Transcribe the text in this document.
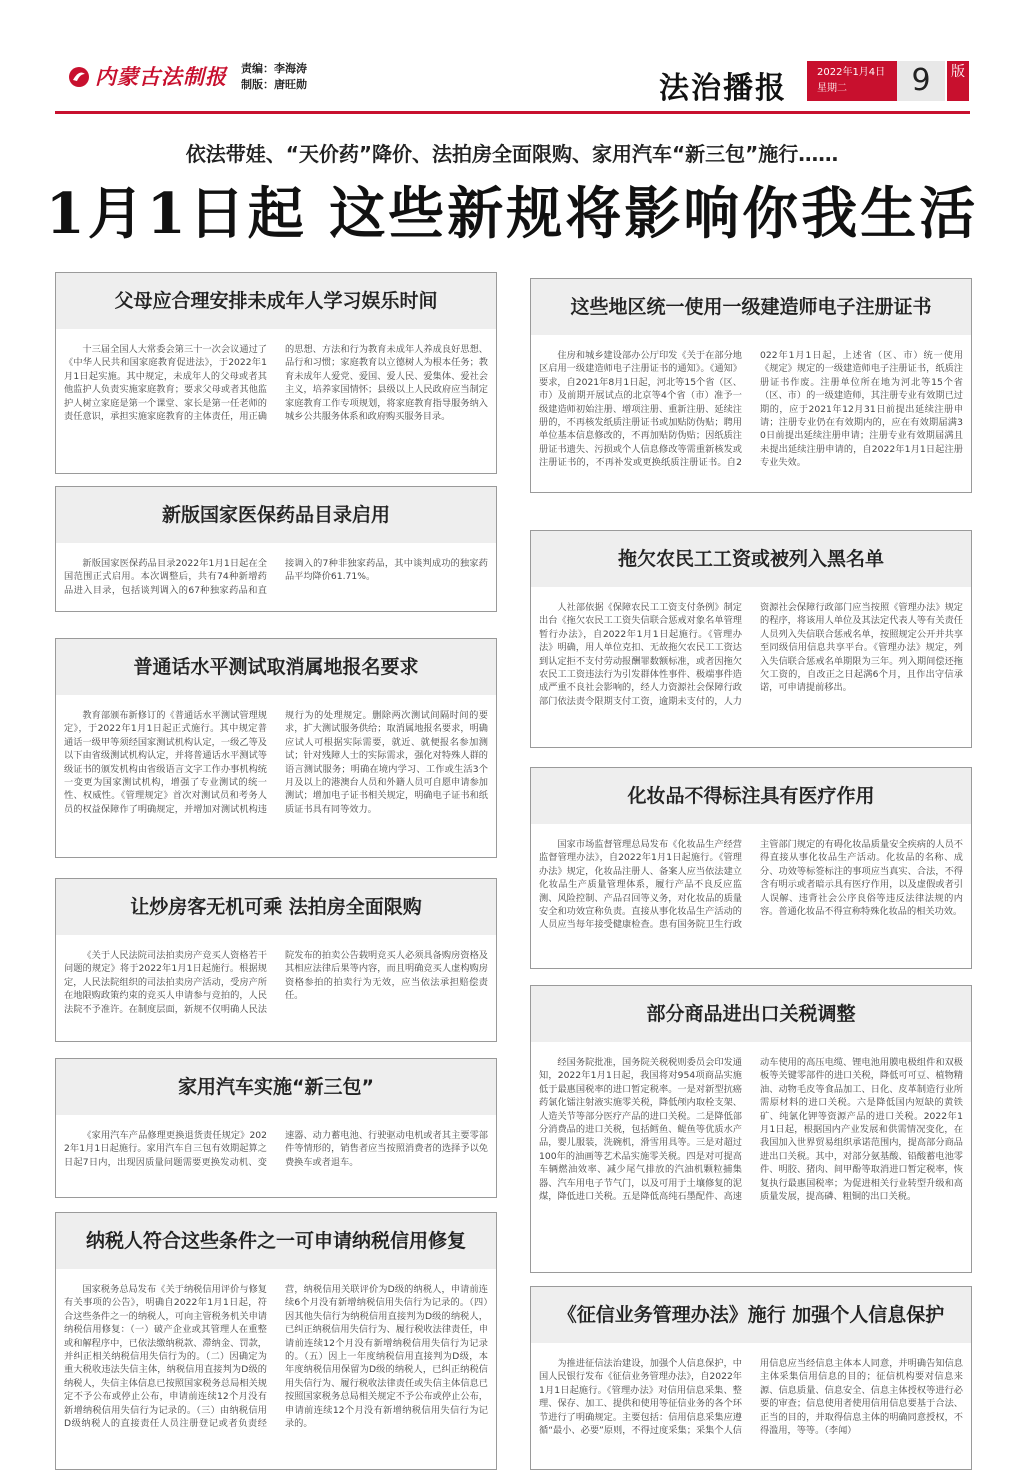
内蒙古法制报 责编：李海涛
制版：唐旺勋	法治播报	2022年1月4日
星期二	9	版
依法带娃、“天价药”降价、法拍房全面限购、家用汽车“新三包”施行……
1月1日起 这些新规将影响你我生活
父母应合理安排未成年人学习娱乐时间
十三届全国人大常委会第三十一次会议通过了《中华人民共和国家庭教育促进法》，于2022年1月1日起实施。其中规定，未成年人的父母或者其他监护人负责实施家庭教育；要求父母或者其他监护人树立家庭是第一个课堂、家长是第一任老师的责任意识，承担实施家庭教育的主体责任，用正确的思想、方法和行为教育未成年人养成良好思想、品行和习惯；家庭教育以立德树人为根本任务；教育未成年人爱党、爱国、爱人民、爱集体、爱社会主义，培养家国情怀；县级以上人民政府应当制定家庭教育工作专项规划，将家庭教育指导服务纳入城乡公共服务体系和政府购买服务目录。
新版国家医保药品目录启用
新版国家医保药品目录2022年1月1日起在全国范围正式启用。本次调整后，共有74种新增药品进入目录，包括谈判调入的67种独家药品和直接调入的7种非独家药品，其中谈判成功的独家药品平均降价61.71%。
普通话水平测试取消属地报名要求
教育部颁布新修订的《普通话水平测试管理规定》，于2022年1月1日起正式施行。其中规定普通话一级甲等须经国家测试机构认定，一级乙等及以下由省级测试机构认定，并将普通话水平测试等级证书的颁发机构由省级语言文字工作办事机构统一变更为国家测试机构，增强了专业测试的统一性、权威性。《管理规定》首次对测试员和考务人员的权益保障作了明确规定，并增加对测试机构违规行为的处理规定。删除两次测试间隔时间的要求，扩大测试服务供给；取消属地报名要求，明确应试人可根据实际需要，就近、就便报名参加测试；针对残障人士的实际需求，强化对特殊人群的语言测试服务；明确在境内学习、工作或生活3个月及以上的港澳台人员和外籍人员可自愿申请参加测试；增加电子证书相关规定，明确电子证书和纸质证书具有同等效力。
让炒房客无机可乘 法拍房全面限购
《关于人民法院司法拍卖房产竞买人资格若干问题的规定》将于2022年1月1日起施行。根据规定，人民法院组织的司法拍卖房产活动，受房产所在地限购政策约束的竞买人申请参与竞拍的，人民法院不予准许。在制度层面，新规不仅明确人民法院发布的拍卖公告载明竞买人必须具备购房资格及其相应法律后果等内容，而且明确竞买人虚构购房资格参拍的拍卖行为无效，应当依法承担赔偿责任。
家用汽车实施“新三包”
《家用汽车产品修理更换退货责任规定》2022年1月1日起施行。家用汽车自三包有效期起算之日起7日内，出现因质量问题需要更换发动机、变速器、动力蓄电池、行驶驱动电机或者其主要零部件等情形的，销售者应当按照消费者的选择予以免费换车或者退车。
纳税人符合这些条件之一可申请纳税信用修复
国家税务总局发布《关于纳税信用评价与修复有关事项的公告》，明确自2022年1月1日起，符合这些条件之一的纳税人，可向主管税务机关申请纳税信用修复：（一）破产企业或其管理人在重整或和解程序中，已依法缴纳税款、滞纳金、罚款，并纠正相关纳税信用失信行为的。（二）因确定为重大税收违法失信主体，纳税信用直接判为D级的纳税人，失信主体信息已按照国家税务总局相关规定不予公布或停止公布，申请前连续12个月没有新增纳税信用失信行为记录的。（三）由纳税信用D级纳税人的直接责任人员注册登记或者负责经营，纳税信用关联评价为D级的纳税人，申请前连续6个月没有新增纳税信用失信行为记录的。（四）因其他失信行为纳税信用直接判为D级的纳税人，已纠正纳税信用失信行为、履行税收法律责任，申请前连续12个月没有新增纳税信用失信行为记录的。（五）因上一年度纳税信用直接判为D级，本年度纳税信用保留为D级的纳税人，已纠正纳税信用失信行为、履行税收法律责任或失信主体信息已按照国家税务总局相关规定不予公布或停止公布，申请前连续12个月没有新增纳税信用失信行为记录的。
这些地区统一使用一级建造师电子注册证书
住房和城乡建设部办公厅印发《关于在部分地区启用一级建造师电子注册证书的通知》。《通知》要求，自2021年8月1日起，河北等15个省（区、市）及前期开展试点的北京等4个省（市）准予一级建造师初始注册、增项注册、重新注册、延续注册的，不再核发纸质注册证书或加贴防伪贴；聘用单位基本信息修改的，不再加贴防伪贴；因纸质注册证书遗失、污损或个人信息修改等需重新核发或注册证书的，不再补发或更换纸质注册证书。自2022年1月1日起，上述省（区、市）统一使用《规定》规定的一级建造师电子注册证书，纸质注册证书作废。注册单位所在地为河北等15个省（区、市）的一级建造师，其注册专业有效期已过期的，应于2021年12月31日前提出延续注册申请；注册专业仍在有效期内的，应在有效期届满30日前提出延续注册申请；注册专业有效期届满且未提出延续注册申请的，自2022年1月1日起注册专业失效。
拖欠农民工工资或被列入黑名单
人社部依据《保障农民工工资支付条例》制定出台《拖欠农民工工资失信联合惩戒对象名单管理暂行办法》，自2022年1月1日起施行。《管理办法》明确，用人单位克扣、无故拖欠农民工工资达到认定拒不支付劳动报酬罪数额标准，或者因拖欠农民工工资违法行为引发群体性事件、极端事件造成严重不良社会影响的，经人力资源社会保障行政部门依法责令限期支付工资，逾期未支付的，人力资源社会保障行政部门应当按照《管理办法》规定的程序，将该用人单位及其法定代表人等有关责任人员列入失信联合惩戒名单，按照规定公开并共享至同级信用信息共享平台。《管理办法》规定，列入失信联合惩戒名单期限为三年。列入期间偿还拖欠工资的，自改正之日起满6个月，且作出守信承诺，可申请提前移出。
化妆品不得标注具有医疗作用
国家市场监督管理总局发布《化妆品生产经营监督管理办法》，自2022年1月1日起施行。《管理办法》规定，化妆品注册人、备案人应当依法建立化妆品生产质量管理体系，履行产品不良反应监测、风险控制、产品召回等义务，对化妆品的质量安全和功效宣称负责。直接从事化妆品生产活动的人员应当每年接受健康检查。患有国务院卫生行政主管部门规定的有碍化妆品质量安全疾病的人员不得直接从事化妆品生产活动。化妆品的名称、成分、功效等标签标注的事项应当真实、合法，不得含有明示或者暗示具有医疗作用，以及虚假或者引人误解、违背社会公序良俗等违反法律法规的内容。普通化妆品不得宣称特殊化妆品的相关功效。
部分商品进出口关税调整
经国务院批准，国务院关税税则委员会印发通知，2022年1月1日起，我国将对954项商品实施低于最惠国税率的进口暂定税率。一是对新型抗癌药氯化镭注射液实施零关税，降低颅内取栓支架、人造关节等部分医疗产品的进口关税。二是降低部分消费品的进口关税，包括鳕鱼、鳀鱼等优质水产品，婴儿服装，洗碗机，滑雪用具等。三是对超过100年的油画等艺术品实施零关税。四是对可提高车辆燃油效率、减少尾气排放的汽油机颗粒捕集器、汽车用电子节气门，以及可用于土壤修复的泥煤，降低进口关税。五是降低高纯石墨配件、高速动车使用的高压电缆、锂电池用膜电极组件和双极板等关键零部件的进口关税，降低可可豆、植物精油、动物毛皮等食品加工、日化、皮革制造行业所需原材料的进口关税。六是降低国内短缺的黄铁矿、纯氯化钾等资源产品的进口关税。2022年1月1日起，根据国内产业发展和供需情况变化，在我国加入世界贸易组织承诺范围内，提高部分商品进出口关税。其中，对部分氨基酸、铅酸蓄电池零件、明胶、猪肉、间甲酚等取消进口暂定税率，恢复执行最惠国税率；为促进相关行业转型升级和高质量发展，提高磷、粗铜的出口关税。
《征信业务管理办法》施行 加强个人信息保护
为推进征信法治建设，加强个人信息保护，中国人民银行发布《征信业务管理办法》，自2022年1月1日起施行。《管理办法》对信用信息采集、整理、保存、加工、提供和使用等征信业务的各个环节进行了明确规定。主要包括：信用信息采集应遵循“最小、必要”原则，不得过度采集；采集个人信用信息应当经信息主体本人同意，并明确告知信息主体采集信用信息的目的；征信机构要对信息来源、信息质量、信息安全、信息主体授权等进行必要的审查；信息使用者使用信用信息要基于合法、正当的目的，并取得信息主体的明确同意授权，不得滥用，等等。（李闻）
